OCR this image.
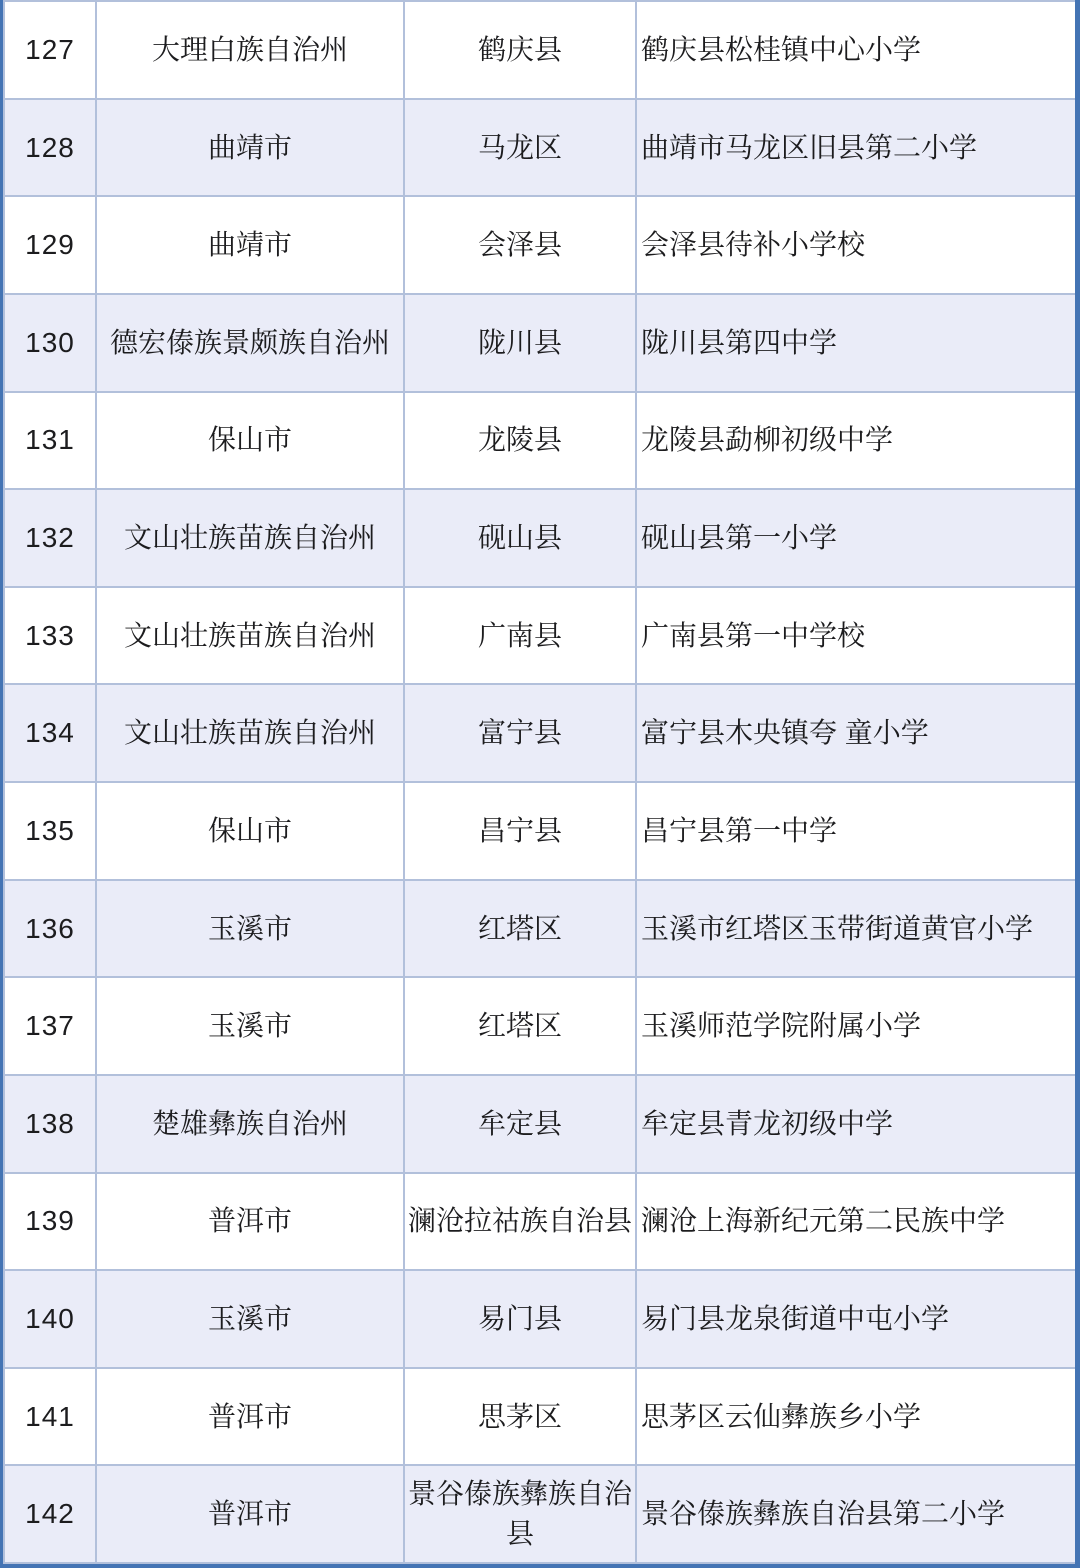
127	大理白族自治州	鹤庆县	鹤庆县松桂镇中心小学
128	曲靖市	马龙区	曲靖市马龙区旧县第二小学
129	曲靖市	会泽县	会泽县待补小学校
130	德宏傣族景颇族自治州	陇川县	陇川县第四中学
131	保山市	龙陵县	龙陵县勐柳初级中学
132	文山壮族苗族自治州	砚山县	砚山县第一小学
133	文山壮族苗族自治州	广南县	广南县第一中学校
134	文山壮族苗族自治州	富宁县	富宁县木央镇夸 童小学
135	保山市	昌宁县	昌宁县第一中学
136	玉溪市	红塔区	玉溪市红塔区玉带街道黄官小学
137	玉溪市	红塔区	玉溪师范学院附属小学
138	楚雄彝族自治州	牟定县	牟定县青龙初级中学
139	普洱市	澜沧拉祜族自治县	澜沧上海新纪元第二民族中学
140	玉溪市	易门县	易门县龙泉街道中屯小学
141	普洱市	思茅区	思茅区云仙彝族乡小学
142	普洱市	景谷傣族彝族自治县	景谷傣族彝族自治县第二小学
